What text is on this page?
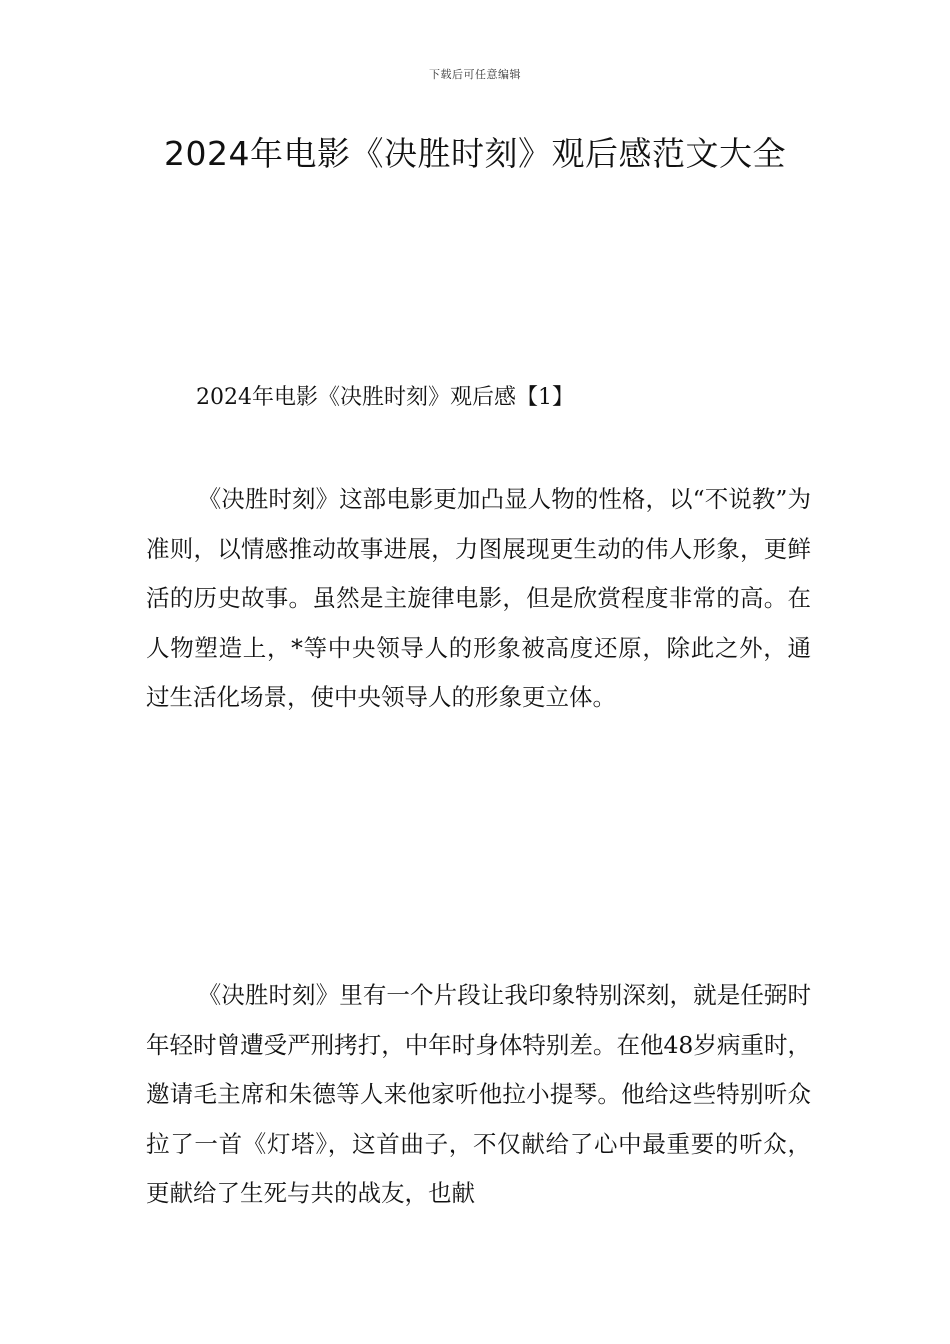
下载后可任意编辑
2024年电影《决胜时刻》观后感范文大全

2024年电影《决胜时刻》观后感【1】

《决胜时刻》这部电影更加凸显人物的性格，以“不说教”为准则，以情感推动故事进展，力图展现更生动的伟人形象，更鲜活的历史故事。虽然是主旋律电影，但是欣赏程度非常的高。在人物塑造上，*等中央领导人的形象被高度还原，除此之外，通过生活化场景，使中央领导人的形象更立体。

《决胜时刻》里有一个片段让我印象特别深刻，就是任弼时年轻时曾遭受严刑拷打，中年时身体特别差。在他48岁病重时，邀请毛主席和朱德等人来他家听他拉小提琴。他给这些特别听众拉了一首《灯塔》，这首曲子，不仅献给了心中最重要的听众，更献给了生死与共的战友，也献
